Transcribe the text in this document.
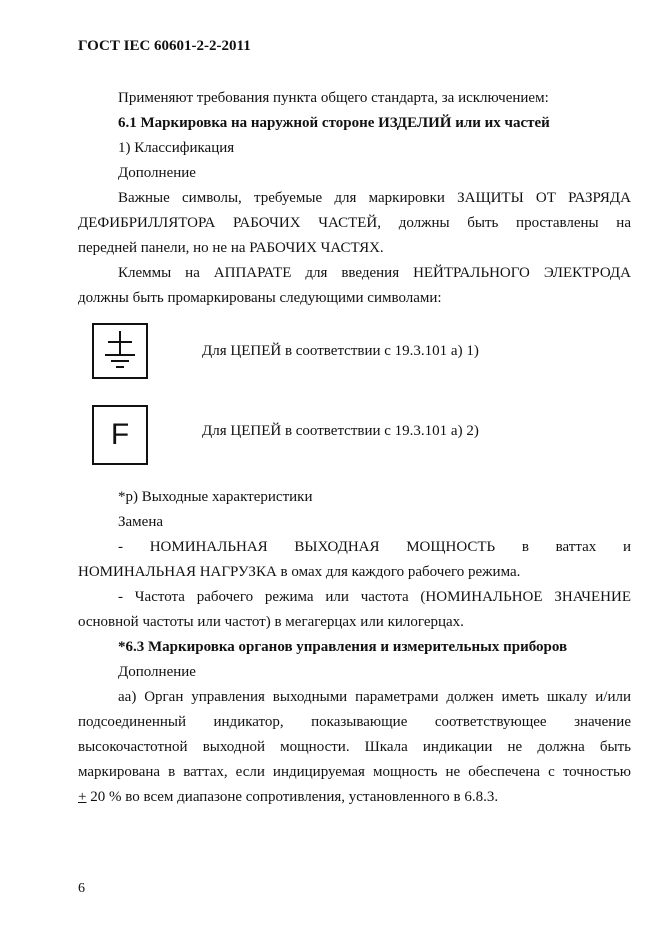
ГОСТ IEC 60601-2-2-2011

Применяют требования пункта общего стандарта, за исключением:

6.1 Маркировка на наружной стороне ИЗДЕЛИЙ или их частей

1) Классификация

Дополнение

Важные символы, требуемые для маркировки ЗАЩИТЫ ОТ РАЗРЯДА

ДЕФИБРИЛЛЯТОРА РАБОЧИХ ЧАСТЕЙ, должны быть проставлены на

передней панели, но не на РАБОЧИХ ЧАСТЯХ.

Клеммы на АППАРАТЕ для введения НЕЙТРАЛЬНОГО ЭЛЕКТРОДА

должны быть промаркированы следующими символами:

Для ЦЕПЕЙ в соответствии с 19.3.101 а) 1)
F	Для ЦЕПЕЙ в соответствии с 19.3.101 а) 2)

*р) Выходные характеристики

Замена

- НОМИНАЛЬНАЯ ВЫХОДНАЯ МОЩНОСТЬ в ваттах и

НОМИНАЛЬНАЯ НАГРУЗКА в омах для каждого рабочего режима.

- Частота рабочего режима или частота (НОМИНАЛЬНОЕ ЗНАЧЕНИЕ

основной частоты или частот) в мегагерцах или килогерцах.

*6.3 Маркировка органов управления и измерительных приборов

Дополнение

аа) Орган управления выходными параметрами должен иметь шкалу и/или

подсоединенный индикатор, показывающие соответствующее значение

высокочастотной выходной мощности. Шкала индикации не должна быть

маркирована в ваттах, если индицируемая мощность не обеспечена с точностью

+ 20 % во всем диапазоне сопротивления, установленного в 6.8.3.

6
